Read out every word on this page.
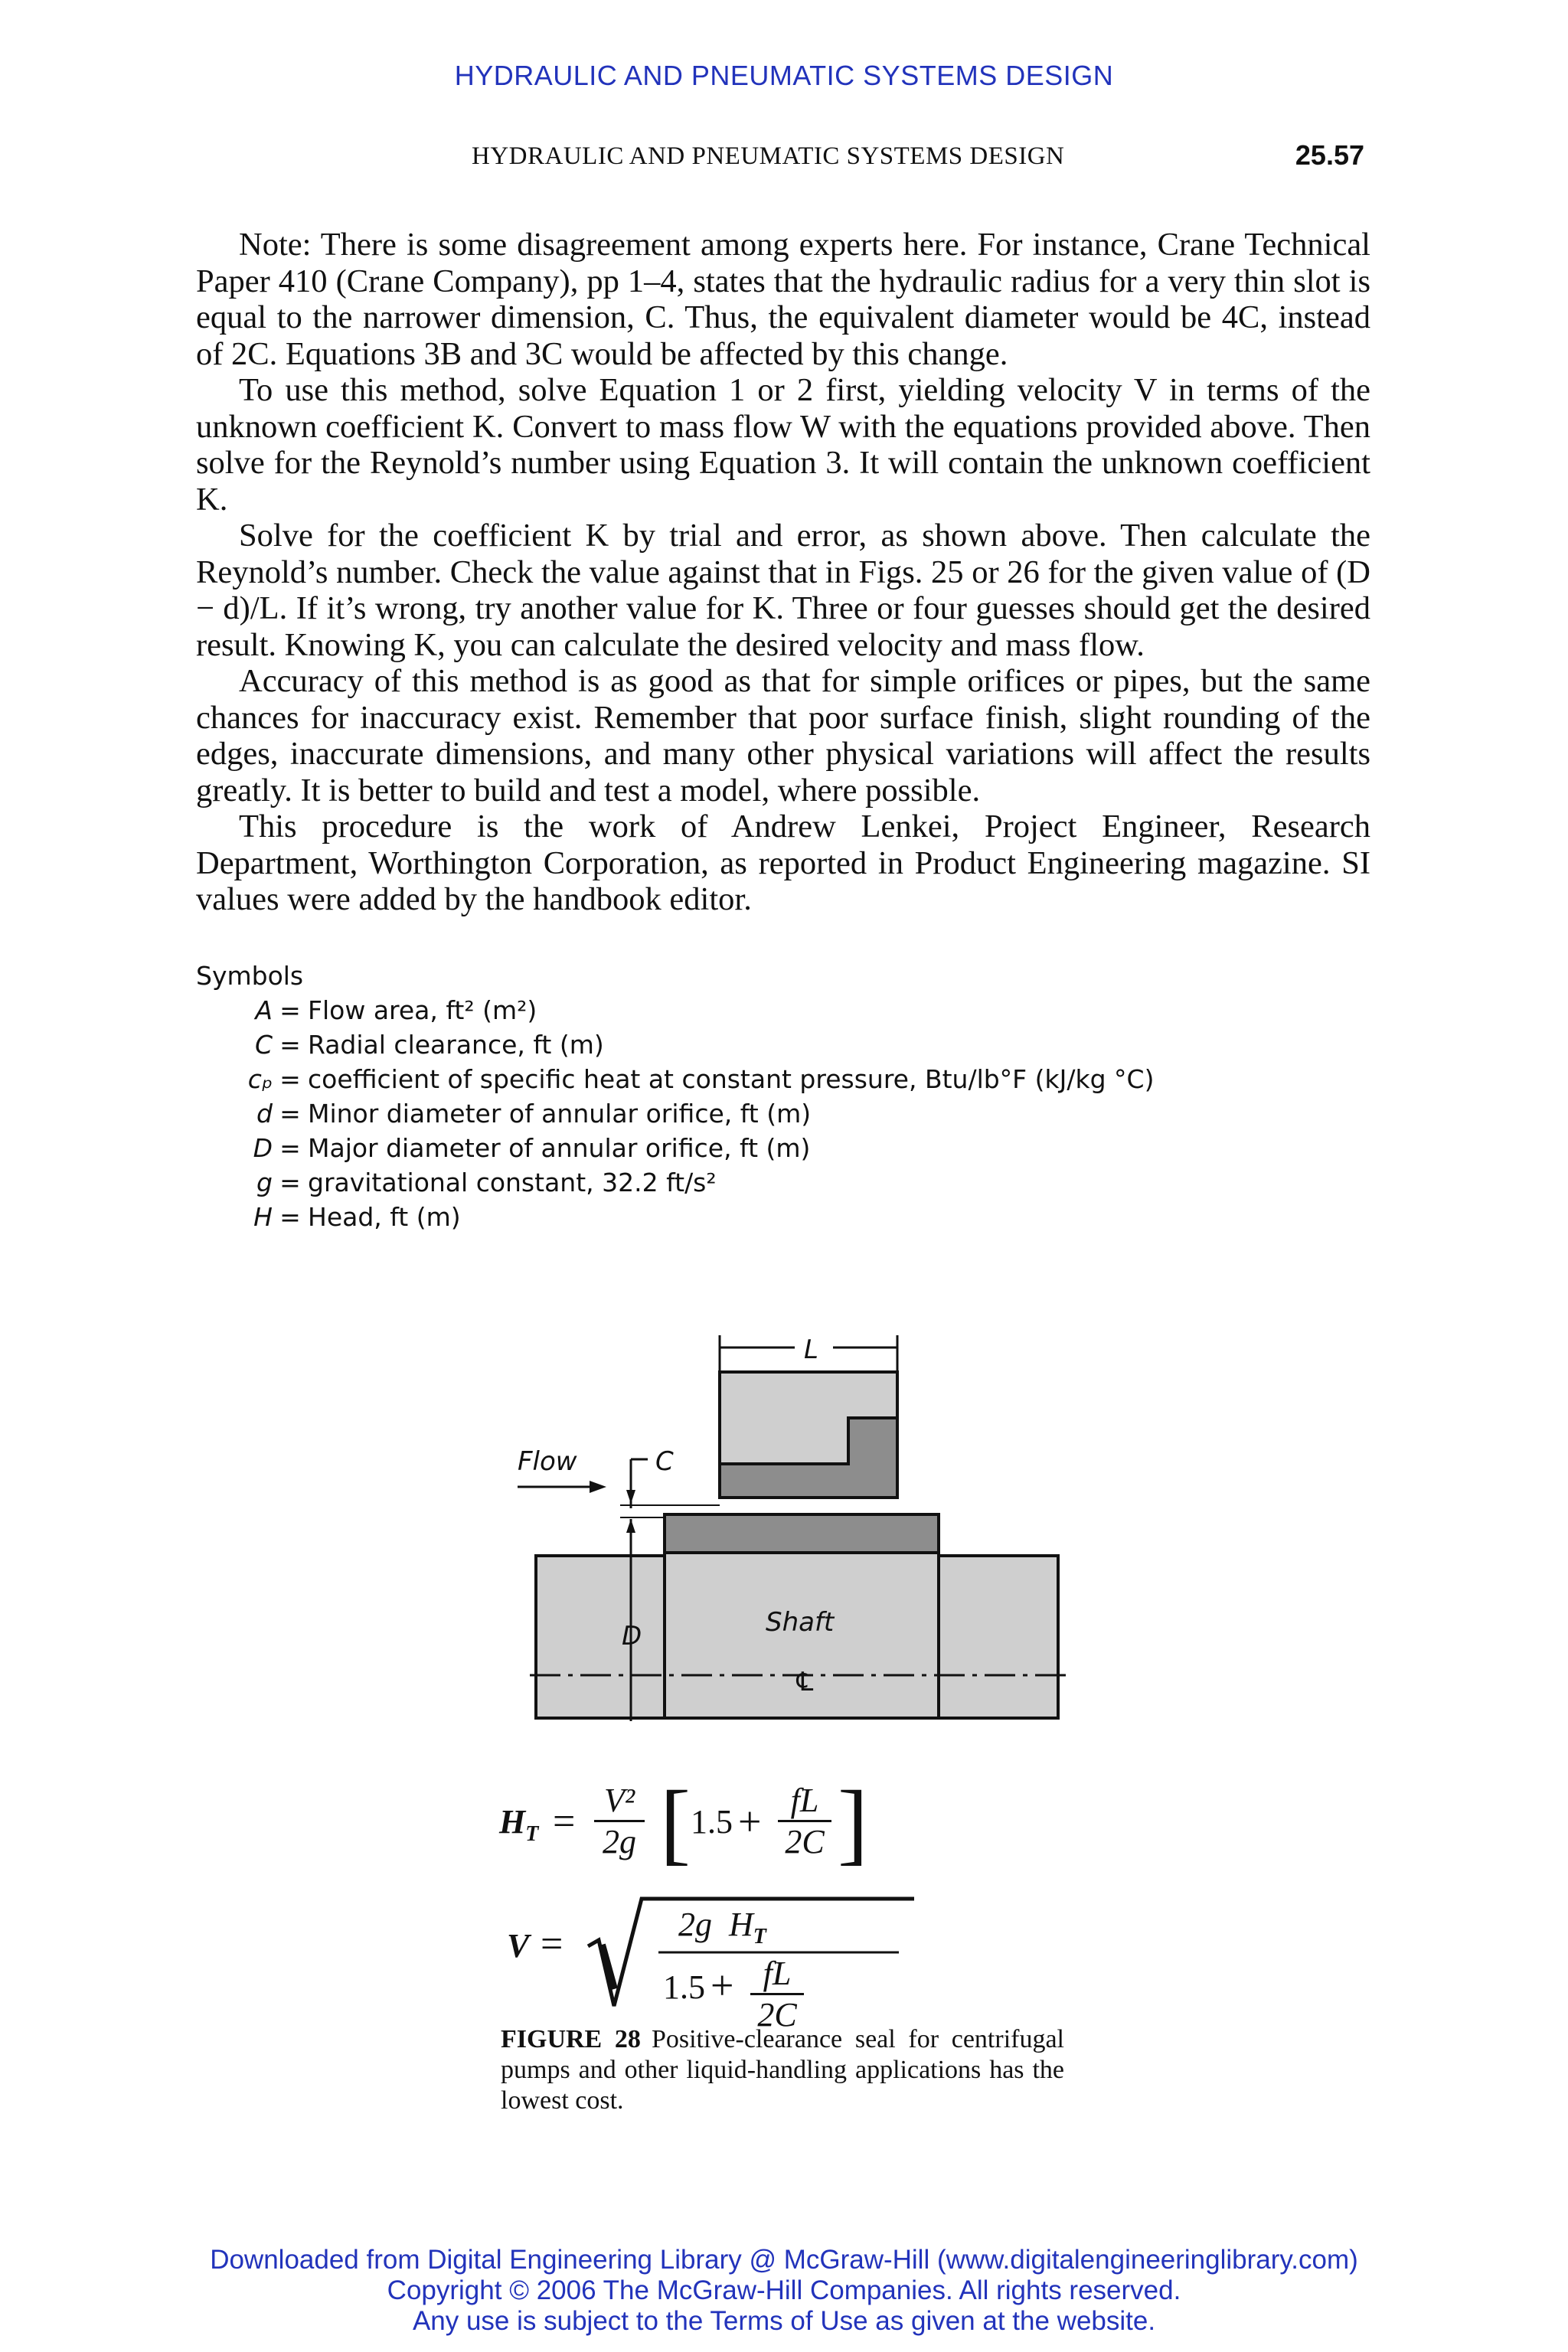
HYDRAULIC AND PNEUMATIC SYSTEMS DESIGN
HYDRAULIC AND PNEUMATIC SYSTEMS DESIGN	25.57

Note: There is some disagreement among experts here. For instance, Crane Technical Paper 410 (Crane Company), pp 1–4, states that the hydraulic radius for a very thin slot is equal to the narrower dimension, C. Thus, the equivalent diameter would be 4C, instead of 2C. Equations 3B and 3C would be affected by this change.

To use this method, solve Equation 1 or 2 first, yielding velocity V in terms of the unknown coefficient K. Convert to mass flow W with the equations provided above. Then solve for the Reynold’s number using Equation 3. It will contain the unknown coefficient K.

Solve for the coefficient K by trial and error, as shown above. Then calculate the Reynold’s number. Check the value against that in Figs. 25 or 26 for the given value of (D − d)/L. If it’s wrong, try another value for K. Three or four guesses should get the desired result. Knowing K, you can calculate the desired velocity and mass flow.

Accuracy of this method is as good as that for simple orifices or pipes, but the same chances for inaccuracy exist. Remember that poor surface finish, slight rounding of the edges, inaccurate dimensions, and many other physical variations will affect the results greatly. It is better to build and test a model, where possible.

This procedure is the work of Andrew Lenkei, Project Engineer, Research Department, Worthington Corporation, as reported in Product Engineering magazine. SI values were added by the handbook editor.

Symbols
A = Flow area, ft² (m²)
C = Radial clearance, ft (m)
cₚ = coefficient of specific heat at constant pressure, Btu/lb°F (kJ/kg °C)
d = Minor diameter of annular orifice, ft (m)
D = Major diameter of annular orifice, ft (m)
g = gravitational constant, 32.2 ft/s²
H = Head, ft (m)
L
Flow	C
D	Shaft
℄
$H_T = \frac{\text{V²}}{2g}$ [ $1.5 + \frac{fL}{2C}$ ]
V =	2g  $H_T$
$1.5 + \frac{fL}{2C}$
FIGURE 28 Positive-clearance seal for centrifugal pumps and other liquid-handling applications has the lowest cost.
Downloaded from Digital Engineering Library @ McGraw-Hill (www.digitalengineeringlibrary.com)
Copyright © 2006 The McGraw-Hill Companies. All rights reserved.
Any use is subject to the Terms of Use as given at the website.
